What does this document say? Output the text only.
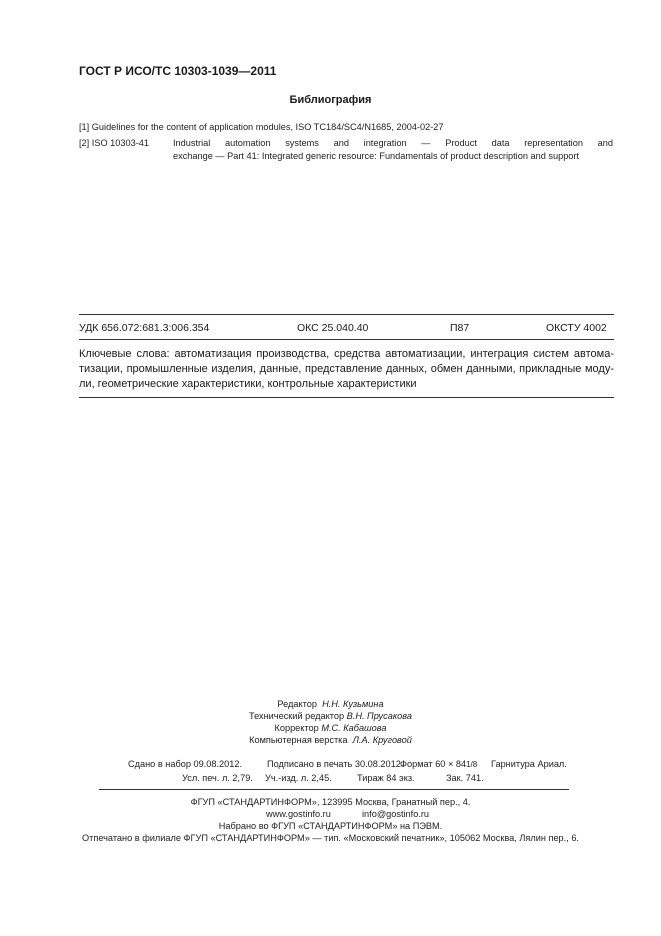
ГОСТ Р ИСО/ТС 10303-1039—2011
Библиография
[1] Guidelines for the content of application modules, ISO TC184/SC4/N1685, 2004-02-27
[2] ISO 10303-41	Industrial automation systems and integration — Product data representation and
exchange — Part 41: Integrated generic resource: Fundamentals of product description and support
УДК 656.072:681.3:006.354	ОКС 25.040.40	П87	ОКСТУ 4002
Ключевые слова: автоматизация производства, средства автоматизации, интеграция систем автома-
тизации, промышленные изделия, данные, представление данных, обмен данными, прикладные моду-
ли, геометрические характеристики, контрольные характеристики
Редактор Н.Н. Кузьмина
Технический редактор В.Н. Прусакова
Корректор М.С. Кабашова
Компьютерная верстка Л.А. Круговой
Сдано в набор 09.08.2012.	Подписано в печать 30.08.2012.
Формат 60 × 841/8 Гарнитура Ариал.
Усл. печ. л. 2,79. Уч.-изд. л. 2,45.	Тираж 84 экз.	Зак. 741.
ФГУП «СТАНДАРТИНФОРМ», 123995 Москва, Гранатный пер., 4.
www.gostinfo.ru	info@gostinfo.ru
Набрано во ФГУП «СТАНДАРТИНФОРМ» на ПЭВМ.
Отпечатано в филиале ФГУП «СТАНДАРТИНФОРМ» — тип. «Московский печатник», 105062 Москва, Лялин пер., 6.
